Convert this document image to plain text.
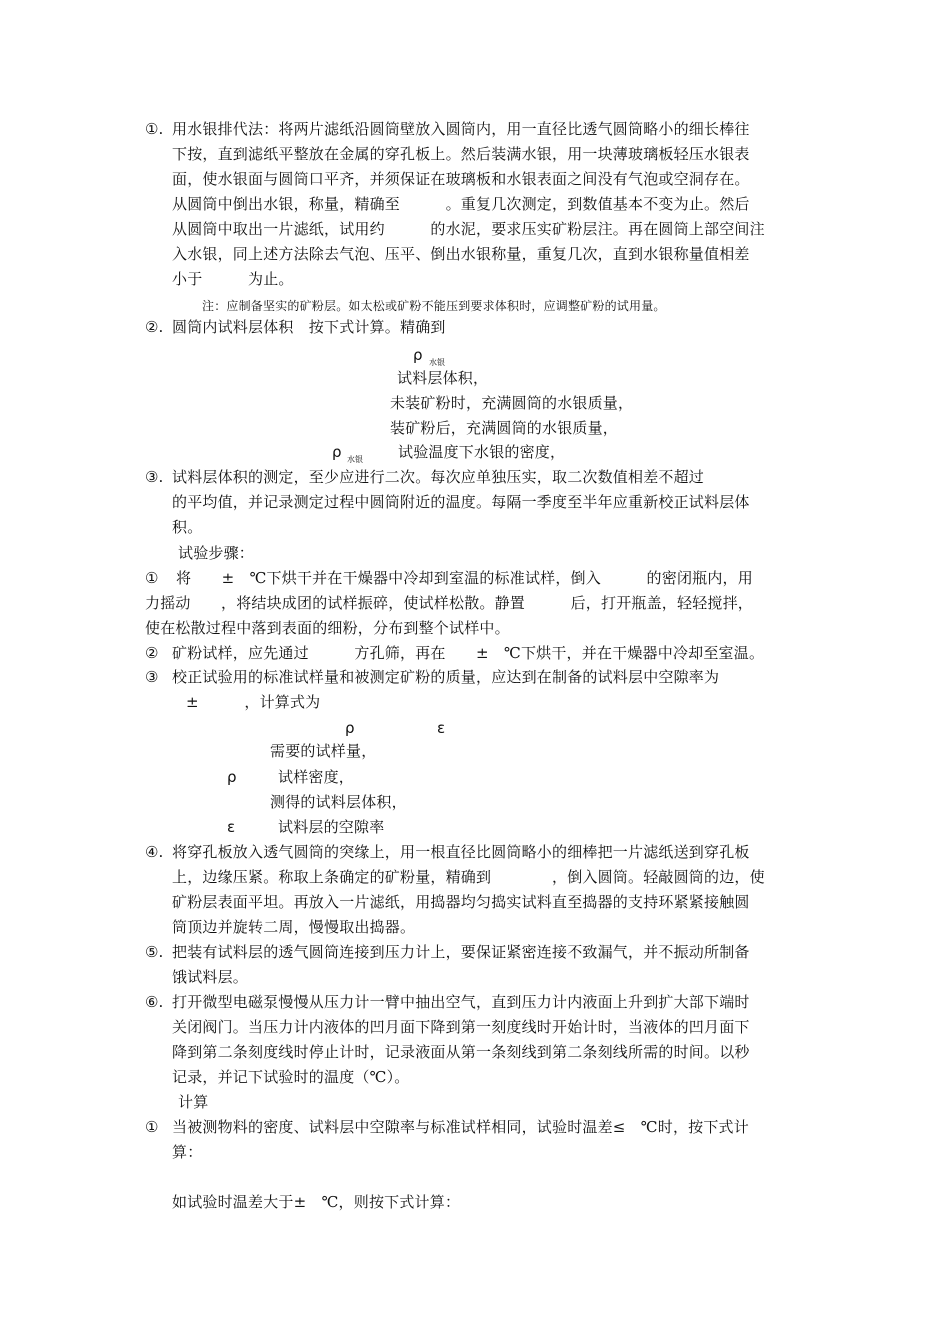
①. 用水银排代法：将两片滤纸沿圆筒壁放入圆筒内，用一直径比透气圆筒略小的细长棒往
下按，直到滤纸平整放在金属的穿孔板上。然后装满水银，用一块薄玻璃板轻压水银表
面，使水银面与圆筒口平齐，并须保证在玻璃板和水银表面之间没有气泡或空洞存在。
从圆筒中倒出水银，称量，精确至　　　。重复几次测定，到数值基本不变为止。然后
从圆筒中取出一片滤纸，试用约　　　的水泥，要求压实矿粉层注。再在圆筒上部空间注
入水银，同上述方法除去气泡、压平、倒出水银称量，重复几次，直到水银称量值相差
小于　　　为止。
注：应制备坚实的矿粉层。如太松或矿粉不能压到要求体积时，应调整矿粉的试用量。
②. 圆筒内试料层体积　按下式计算。精确到
ρ 水银
试料层体积，
未装矿粉时，充满圆筒的水银质量，
装矿粉后，充满圆筒的水银质量，
ρ 水银 试验温度下水银的密度，
③. 试料层体积的测定，至少应进行二次。每次应单独压实，取二次数值相差不超过
的平均值，并记录测定过程中圆筒附近的温度。每隔一季度至半年应重新校正试料层体
积。
试验步骤：
① 将　　±　℃下烘干并在干燥器中冷却到室温的标准试样，倒入　　　的密闭瓶内，用
力摇动　　，将结块成团的试样振碎，使试样松散。静置　　　后，打开瓶盖，轻轻搅拌，
使在松散过程中落到表面的细粉，分布到整个试样中。
② 矿粉试样，应先通过　　　方孔筛，再在　　±　℃下烘干，并在干燥器中冷却至室温。
③ 校正试验用的标准试样量和被测定矿粉的质量，应达到在制备的试料层中空隙率为
±　　　，计算式为
ρ	ε
需要的试样量，
ρ	试样密度，
测得的试料层体积，
ε	试料层的空隙率
④. 将穿孔板放入透气圆筒的突缘上，用一根直径比圆筒略小的细棒把一片滤纸送到穿孔板
上，边缘压紧。称取上条确定的矿粉量，精确到　　　　，倒入圆筒。轻敲圆筒的边，使
矿粉层表面平坦。再放入一片滤纸，用捣器均匀捣实试料直至捣器的支持环紧紧接触圆
筒顶边并旋转二周，慢慢取出捣器。
⑤. 把装有试料层的透气圆筒连接到压力计上，要保证紧密连接不致漏气，并不振动所制备
饿试料层。
⑥. 打开微型电磁泵慢慢从压力计一臂中抽出空气，直到压力计内液面上升到扩大部下端时
关闭阀门。当压力计内液体的凹月面下降到第一刻度线时开始计时，当液体的凹月面下
降到第二条刻度线时停止计时，记录液面从第一条刻线到第二条刻线所需的时间。以秒
记录，并记下试验时的温度（℃）。
计算
① 当被测物料的密度、试料层中空隙率与标准试样相同，试验时温差≤　℃时，按下式计
算：
如试验时温差大于±　℃，则按下式计算：
